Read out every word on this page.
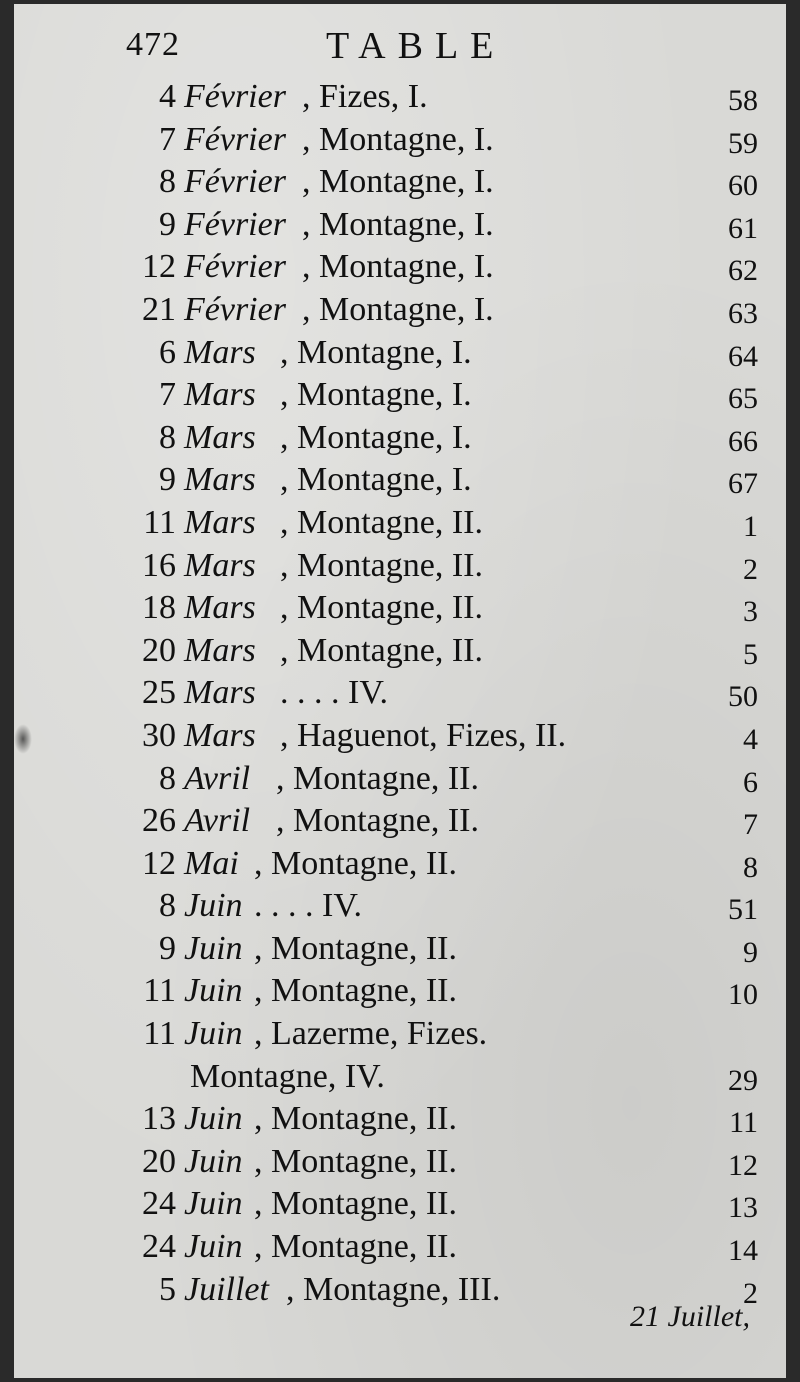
472	TABLE
4 Février , Fizes, I.	58
7 Février , Montagne, I.	59
8 Février , Montagne, I.	60
9 Février , Montagne, I.	61
12 Février , Montagne, I.	62
21 Février , Montagne, I.	63
6 Mars , Montagne, I.	64
7 Mars , Montagne, I.	65
8 Mars , Montagne, I.	66
9 Mars , Montagne, I.	67
11 Mars , Montagne, II.	1
16 Mars , Montagne, II.	2
18 Mars , Montagne, II.	3
20 Mars , Montagne, II.	5
25 Mars . . . . IV.	50
30 Mars , Haguenot, Fizes, II.	4
8 Avril , Montagne, II.	6
26 Avril , Montagne, II.	7
12 Mai , Montagne, II.	8
8 Juin . . . . IV.	51
9 Juin , Montagne, II.	9
11 Juin , Montagne, II.	10
11 Juin , Lazerme, Fizes.
Montagne, IV.	29
13 Juin , Montagne, II.	11
20 Juin , Montagne, II.	12
24 Juin , Montagne, II.	13
24 Juin , Montagne, II.	14
5 Juillet , Montagne, III.	2
21 Juillet,
